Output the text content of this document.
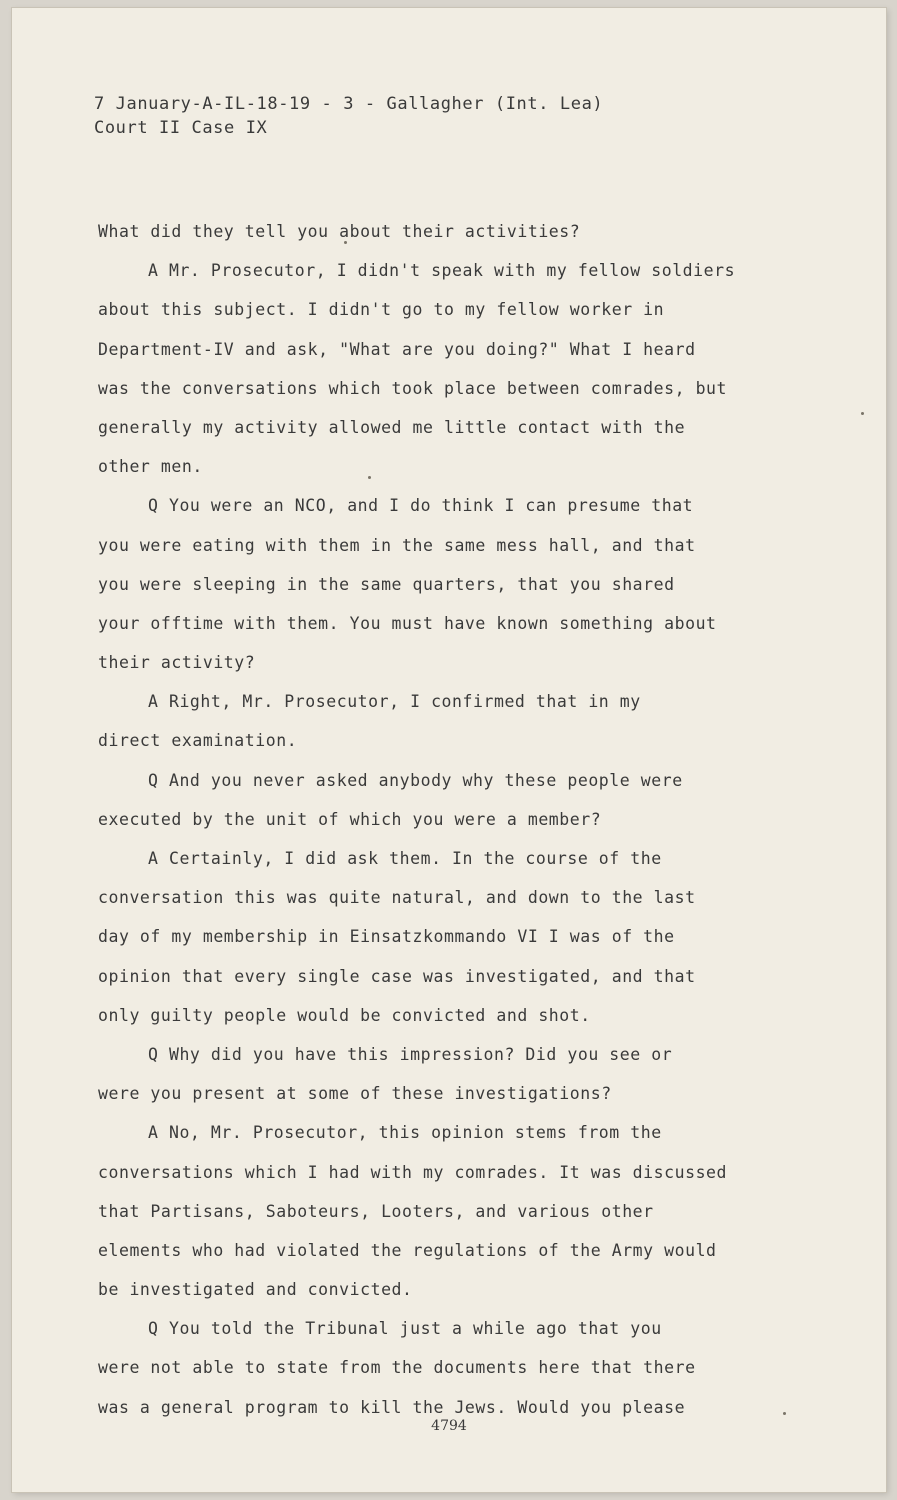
7 January-A-IL-18-19 - 3 - Gallagher (Int. Lea)
Court II Case IX
What did they tell you about their activities?
A Mr. Prosecutor, I didn't speak with my fellow soldiers
about this subject. I didn't go to my fellow worker in
Department-IV and ask, "What are you doing?" What I heard
was the conversations which took place between comrades, but
generally my activity allowed me little contact with the
other men.
Q You were an NCO, and I do think I can presume that
you were eating with them in the same mess hall, and that
you were sleeping in the same quarters, that you shared
your offtime with them. You must have known something about
their activity?
A Right, Mr. Prosecutor, I confirmed that in my
direct examination.
Q And you never asked anybody why these people were
executed by the unit of which you were a member?
A Certainly, I did ask them. In the course of the
conversation this was quite natural, and down to the last
day of my membership in Einsatzkommando VI I was of the
opinion that every single case was investigated, and that
only guilty people would be convicted and shot.
Q Why did you have this impression? Did you see or
were you present at some of these investigations?
A No, Mr. Prosecutor, this opinion stems from the
conversations which I had with my comrades. It was discussed
that Partisans, Saboteurs, Looters, and various other
elements who had violated the regulations of the Army would
be investigated and convicted.
Q You told the Tribunal just a while ago that you
were not able to state from the documents here that there
was a general program to kill the Jews. Would you please
4794
